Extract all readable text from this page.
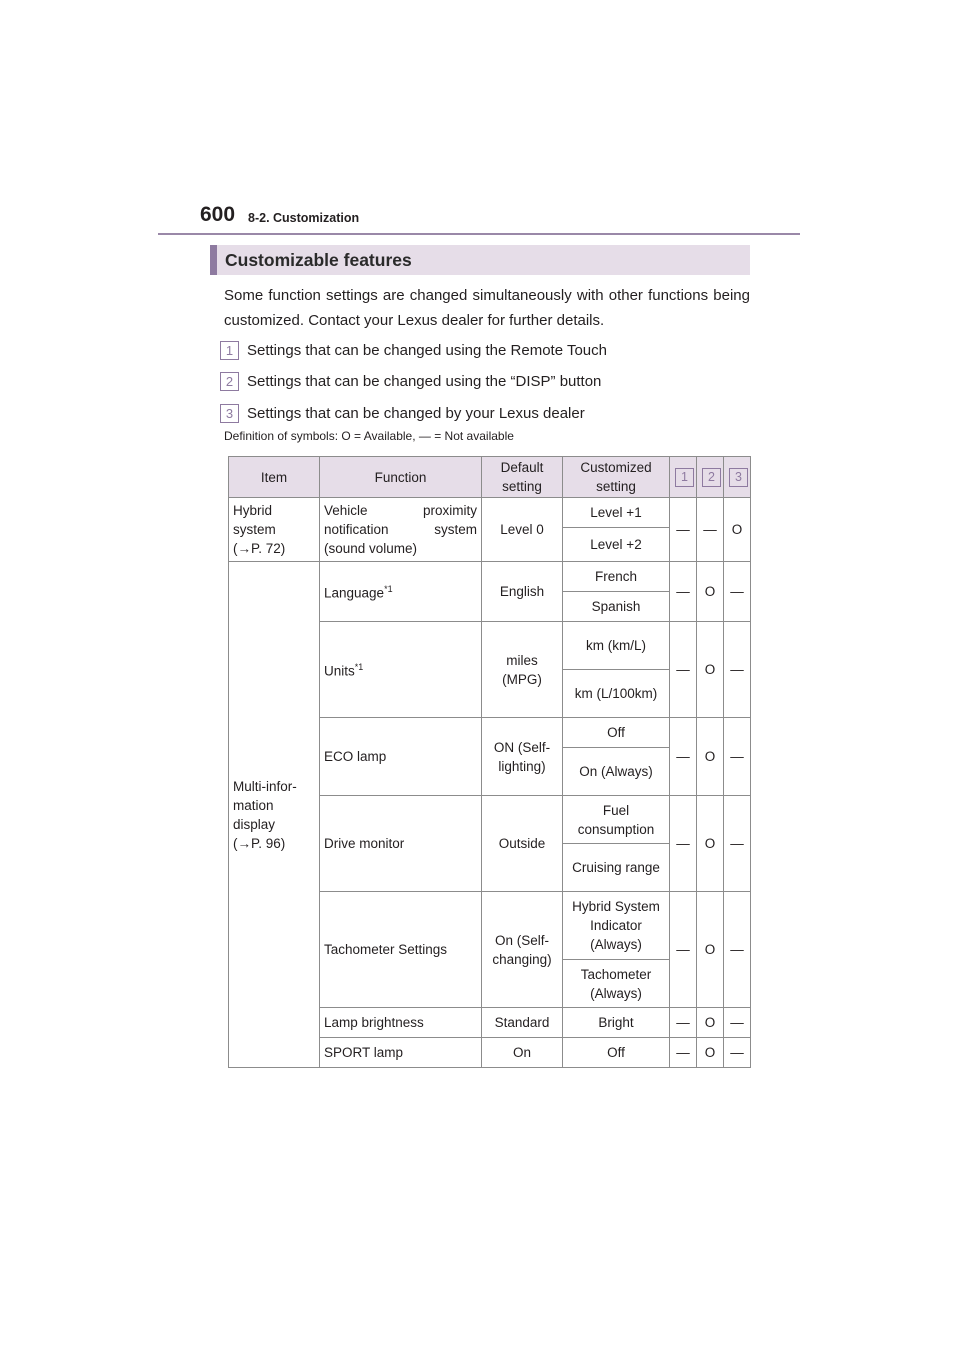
600 8-2. Customization
Customizable features
Some function settings are changed simultaneously with other functions being customized. Contact your Lexus dealer for further details.
1 Settings that can be changed using the Remote Touch
2 Settings that can be changed using the “DISP” button
3 Settings that can be changed by your Lexus dealer
Definition of symbols: O = Available, — = Not available
Item	Function	Default setting	Customized setting	1	2	3

Hybrid
system
(→P. 72)	Vehicle proximity notification system (sound volume)	Level 0	Level +1	—	—	O
			Level +2			

Multi-infor-
mation
display
(→P. 96)	Language$^{*1}$	English	French	—	O	—
			Spanish			
	Units$^{*1}$	miles (MPG)	km (km/L)	—	O	—
			km (L/100km)			
	ECO lamp	ON (Self-lighting)	Off	—	O	—
			On (Always)			
	Drive monitor	Outside	Fuel consumption	—	O	—
			Cruising range			
	Tachometer Settings	On (Self-changing)	Hybrid System Indicator (Always)	—	O	—
			Tachometer (Always)			
	Lamp brightness	Standard	Bright	—	O	—
	SPORT lamp	On	Off	—	O	—
